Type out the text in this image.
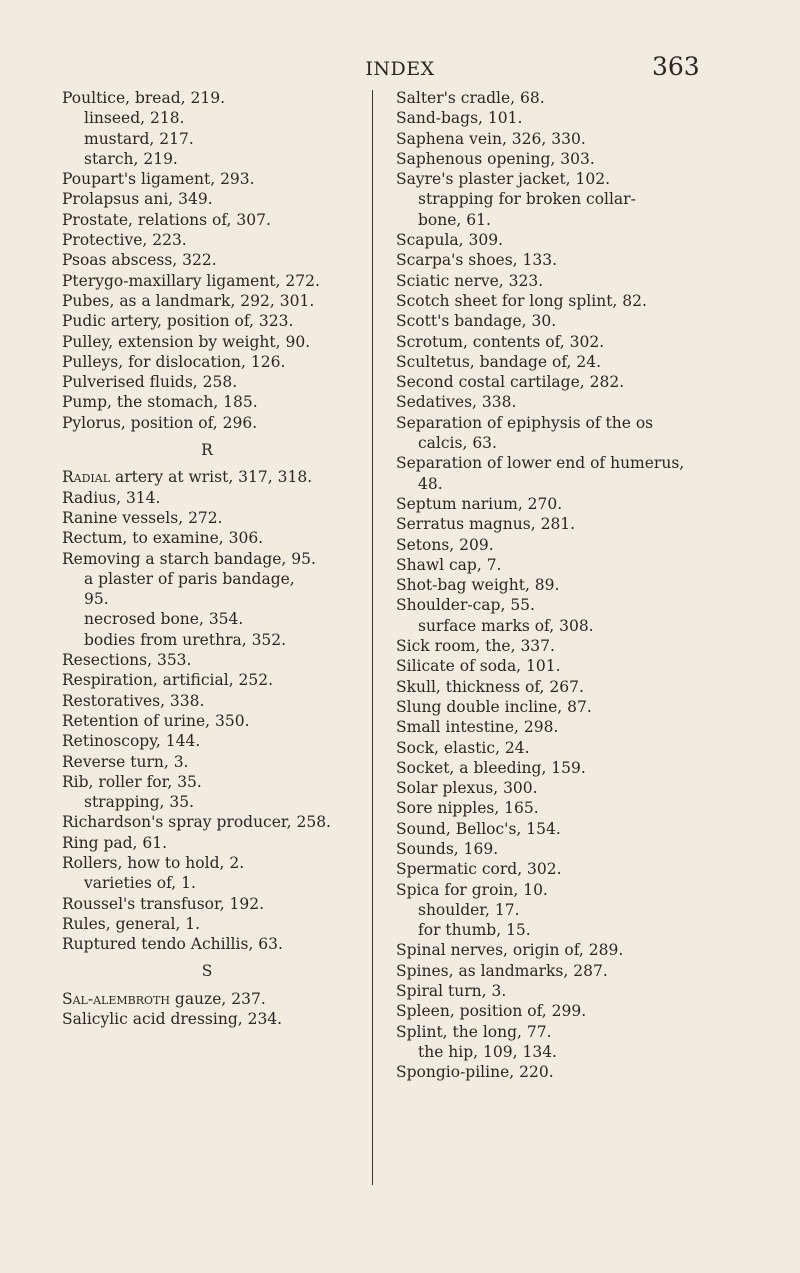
INDEX	363
Poultice, bread, 219.
linseed, 218.
mustard, 217.
starch, 219.
Poupart's ligament, 293.
Prolapsus ani, 349.
Prostate, relations of, 307.
Protective, 223.
Psoas abscess, 322.
Pterygo-maxillary ligament, 272.
Pubes, as a landmark, 292, 301.
Pudic artery, position of, 323.
Pulley, extension by weight, 90.
Pulleys, for dislocation, 126.
Pulverised fluids, 258.
Pump, the stomach, 185.
Pylorus, position of, 296.
R
Radial artery at wrist, 317, 318.
Radius, 314.
Ranine vessels, 272.
Rectum, to examine, 306.
Removing a starch bandage, 95.
a plaster of paris bandage,
95.
necrosed bone, 354.
bodies from urethra, 352.
Resections, 353.
Respiration, artificial, 252.
Restoratives, 338.
Retention of urine, 350.
Retinoscopy, 144.
Reverse turn, 3.
Rib, roller for, 35.
strapping, 35.
Richardson's spray producer, 258.
Ring pad, 61.
Rollers, how to hold, 2.
varieties of, 1.
Roussel's transfusor, 192.
Rules, general, 1.
Ruptured tendo Achillis, 63.
S
Sal-alembroth gauze, 237.
Salicylic acid dressing, 234.
Salter's cradle, 68.
Sand-bags, 101.
Saphena vein, 326, 330.
Saphenous opening, 303.
Sayre's plaster jacket, 102.
strapping for broken collar-
bone, 61.
Scapula, 309.
Scarpa's shoes, 133.
Sciatic nerve, 323.
Scotch sheet for long splint, 82.
Scott's bandage, 30.
Scrotum, contents of, 302.
Scultetus, bandage of, 24.
Second costal cartilage, 282.
Sedatives, 338.
Separation of epiphysis of the os
calcis, 63.
Separation of lower end of humerus,
48.
Septum narium, 270.
Serratus magnus, 281.
Setons, 209.
Shawl cap, 7.
Shot-bag weight, 89.
Shoulder-cap, 55.
surface marks of, 308.
Sick room, the, 337.
Silicate of soda, 101.
Skull, thickness of, 267.
Slung double incline, 87.
Small intestine, 298.
Sock, elastic, 24.
Socket, a bleeding, 159.
Solar plexus, 300.
Sore nipples, 165.
Sound, Belloc's, 154.
Sounds, 169.
Spermatic cord, 302.
Spica for groin, 10.
shoulder, 17.
for thumb, 15.
Spinal nerves, origin of, 289.
Spines, as landmarks, 287.
Spiral turn, 3.
Spleen, position of, 299.
Splint, the long, 77.
the hip, 109, 134.
Spongio-piline, 220.
